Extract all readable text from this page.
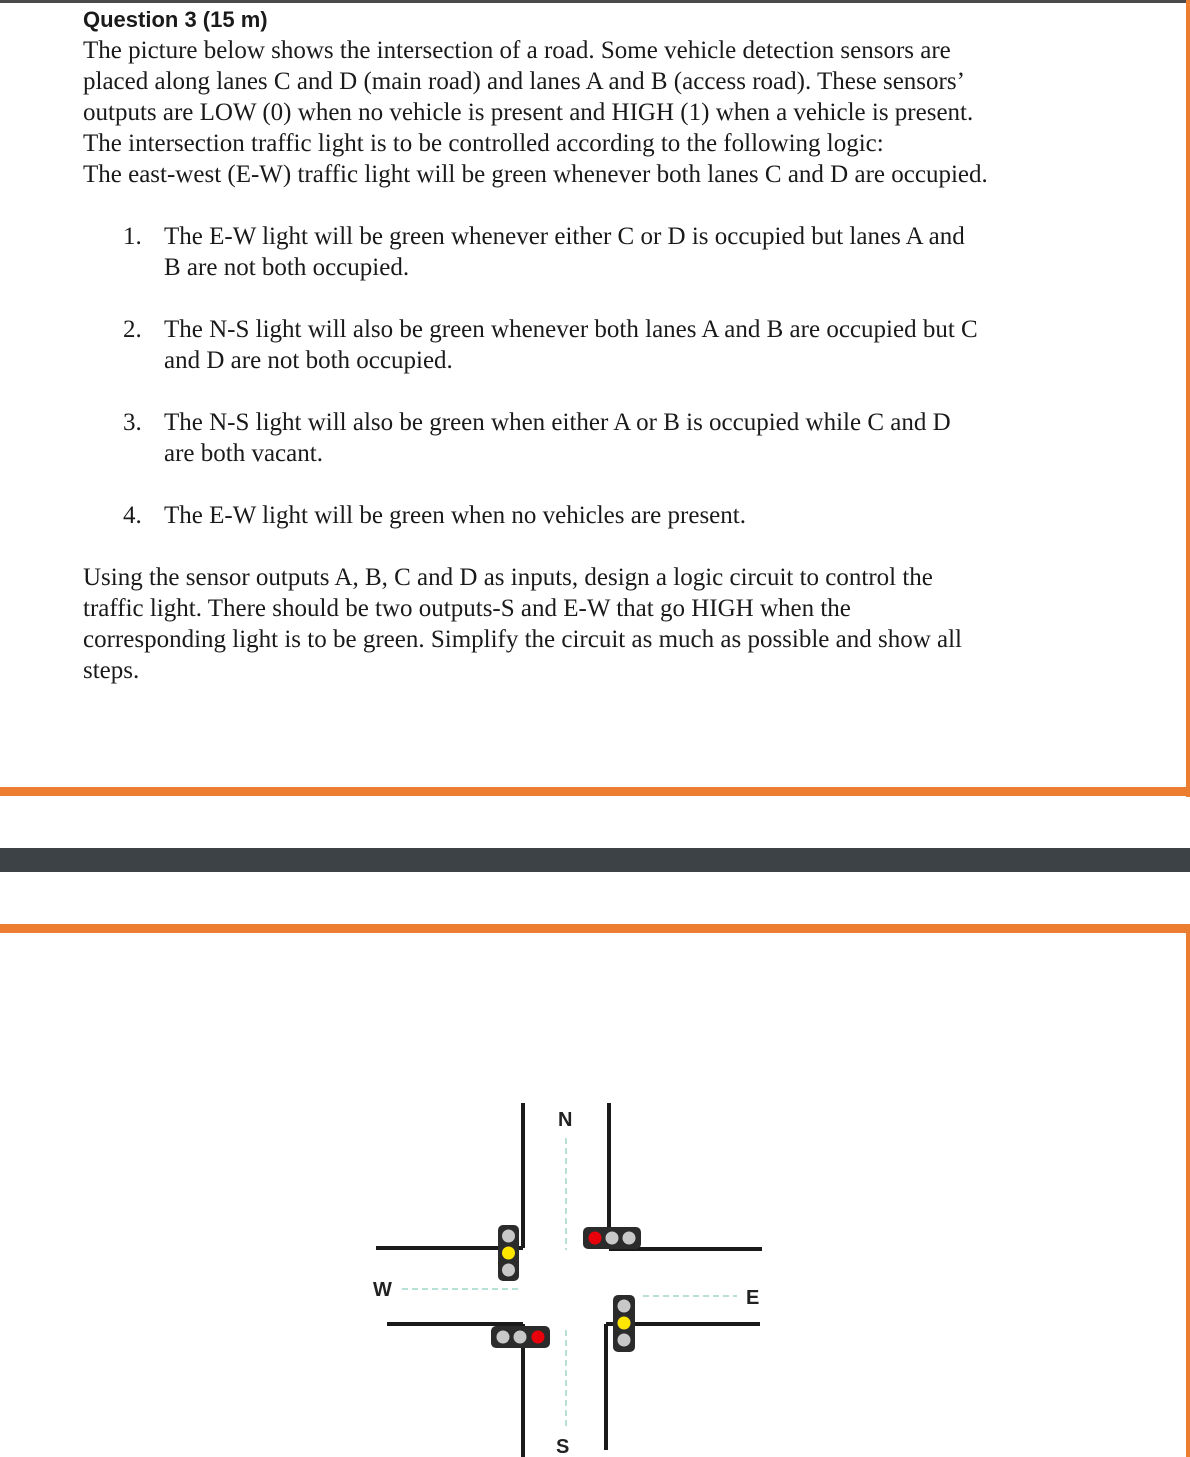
Question 3 (15 m)

The picture below shows the intersection of a road. Some vehicle detection sensors are
placed along lanes C and D (main road) and lanes A and B (access road). These sensors’
outputs are LOW (0) when no vehicle is present and HIGH (1) when a vehicle is present.
The intersection traffic light is to be controlled according to the following logic:
The east-west (E-W) traffic light will be green whenever both lanes C and D are occupied.

1. The E-W light will be green whenever either C or D is occupied but lanes A and
B are not both occupied.
2. The N-S light will also be green whenever both lanes A and B are occupied but C
and D are not both occupied.
3. The N-S light will also be green when either A or B is occupied while C and D
are both vacant.
4. The E-W light will be green when no vehicles are present.

Using the sensor outputs A, B, C and D as inputs, design a logic circuit to control the
traffic light. There should be two outputs-S and E-W that go HIGH when the
corresponding light is to be green. Simplify the circuit as much as possible and show all
steps.

N
S
E
W
